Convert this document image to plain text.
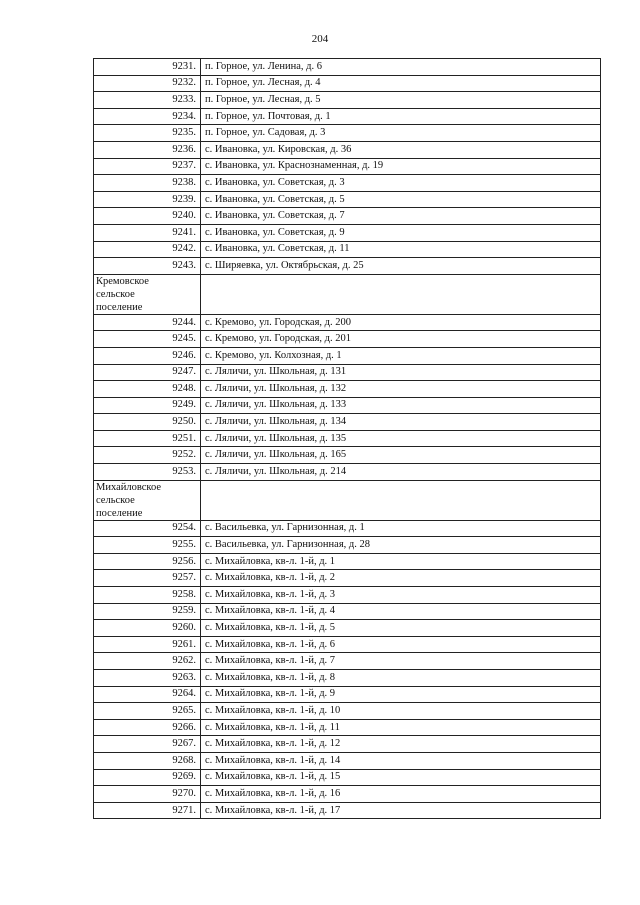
204
9231.	п. Горное, ул. Ленина, д. 6
9232.	п. Горное, ул. Лесная, д. 4
9233.	п. Горное, ул. Лесная, д. 5
9234.	п. Горное, ул. Почтовая, д. 1
9235.	п. Горное, ул. Садовая, д. 3
9236.	с. Ивановка, ул. Кировская, д. 36
9237.	с. Ивановка, ул. Краснознаменная, д. 19
9238.	с. Ивановка, ул. Советская, д. 3
9239.	с. Ивановка, ул. Советская, д. 5
9240.	с. Ивановка, ул. Советская, д. 7
9241.	с. Ивановка, ул. Советская, д. 9
9242.	с. Ивановка, ул. Советская, д. 11
9243.	с. Ширяевка, ул. Октябрьская, д. 25

Кремовское
сельское
поселение	

9244.	с. Кремово, ул. Городская, д. 200
9245.	с. Кремово, ул. Городская, д. 201
9246.	с. Кремово, ул. Колхозная, д. 1
9247.	с. Ляличи, ул. Школьная, д. 131
9248.	с. Ляличи, ул. Школьная, д. 132
9249.	с. Ляличи, ул. Школьная, д. 133
9250.	с. Ляличи, ул. Школьная, д. 134
9251.	с. Ляличи, ул. Школьная, д. 135
9252.	с. Ляличи, ул. Школьная, д. 165
9253.	с. Ляличи, ул. Школьная, д. 214

Михайловское
сельское
поселение	

9254.	с. Васильевка, ул. Гарнизонная, д. 1
9255.	с. Васильевка, ул. Гарнизонная, д. 28
9256.	с. Михайловка, кв-л. 1-й, д. 1
9257.	с. Михайловка, кв-л. 1-й, д. 2
9258.	с. Михайловка, кв-л. 1-й, д. 3
9259.	с. Михайловка, кв-л. 1-й, д. 4
9260.	с. Михайловка, кв-л. 1-й, д. 5
9261.	с. Михайловка, кв-л. 1-й, д. 6
9262.	с. Михайловка, кв-л. 1-й, д. 7
9263.	с. Михайловка, кв-л. 1-й, д. 8
9264.	с. Михайловка, кв-л. 1-й, д. 9
9265.	с. Михайловка, кв-л. 1-й, д. 10
9266.	с. Михайловка, кв-л. 1-й, д. 11
9267.	с. Михайловка, кв-л. 1-й, д. 12
9268.	с. Михайловка, кв-л. 1-й, д. 14
9269.	с. Михайловка, кв-л. 1-й, д. 15
9270.	с. Михайловка, кв-л. 1-й, д. 16
9271.	с. Михайловка, кв-л. 1-й, д. 17
